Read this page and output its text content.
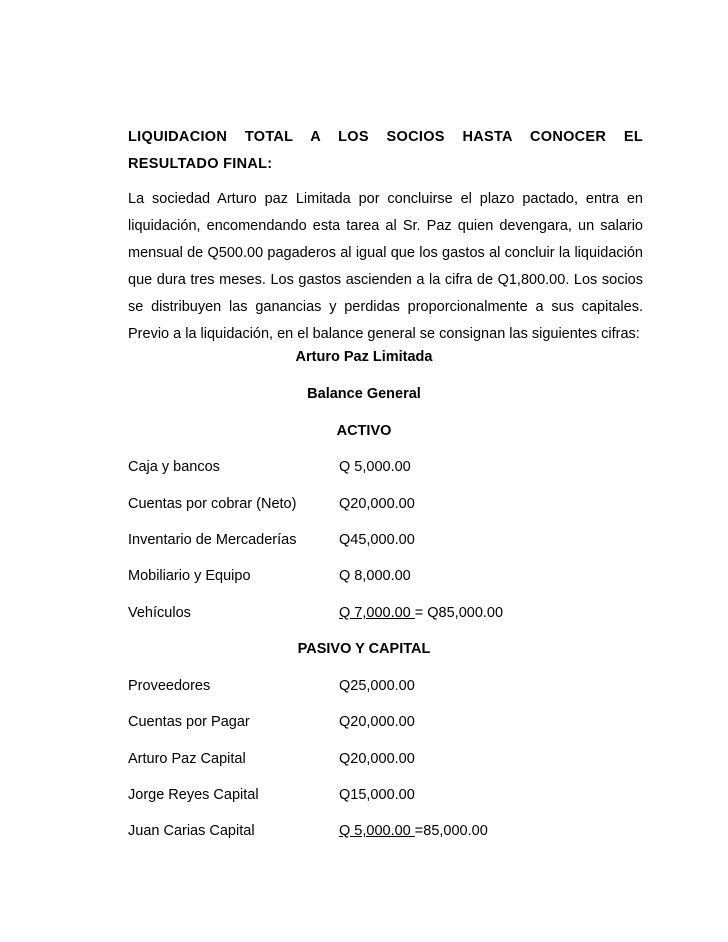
LIQUIDACION TOTAL A LOS SOCIOS HASTA CONOCER EL RESULTADO FINAL:

La sociedad Arturo paz Limitada por concluirse el plazo pactado, entra en liquidación, encomendando esta tarea al Sr. Paz quien devengara, un salario mensual de Q500.00 pagaderos al igual que los gastos al concluir la liquidación que dura tres meses. Los gastos ascienden a la cifra de Q1,800.00. Los socios se distribuyen las ganancias y perdidas proporcionalmente a sus capitales. Previo a la liquidación, en el balance general se consignan las siguientes cifras:

Arturo Paz Limitada
Balance General
ACTIVO
Caja y bancos	Q 5,000.00
Cuentas por cobrar (Neto)	Q20,000.00
Inventario de Mercaderías	Q45,000.00
Mobiliario y Equipo	Q 8,000.00
Vehículos	Q 7,000.00 = Q85,000.00
PASIVO Y CAPITAL
Proveedores	Q25,000.00
Cuentas por Pagar	Q20,000.00
Arturo Paz Capital	Q20,000.00
Jorge Reyes Capital	Q15,000.00
Juan Carias Capital	Q 5,000.00 =85,000.00
